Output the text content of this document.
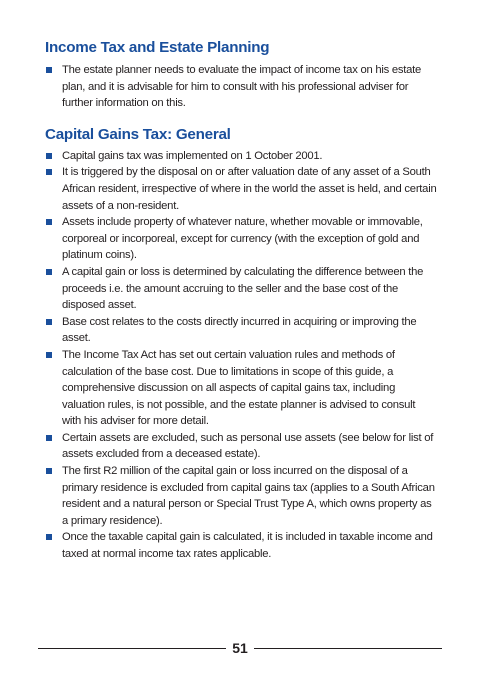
Income Tax and Estate Planning
The estate planner needs to evaluate the impact of income tax on his estate plan, and it is advisable for him to consult with his professional adviser for further information on this.
Capital Gains Tax: General
Capital gains tax was implemented on 1 October 2001.
It is triggered by the disposal on or after valuation date of any asset of a South African resident, irrespective of where in the world the asset is held, and certain assets of a non-resident.
Assets include property of whatever nature, whether movable or immovable, corporeal or incorporeal, except for currency (with the exception of gold and platinum coins).
A capital gain or loss is determined by calculating the difference between the proceeds i.e. the amount accruing to the seller and the base cost of the disposed asset.
Base cost relates to the costs directly incurred in acquiring or improving the asset.
The Income Tax Act has set out certain valuation rules and methods of calculation of the base cost. Due to limitations in scope of this guide, a comprehensive discussion on all aspects of capital gains tax, including valuation rules, is not possible, and the estate planner is advised to consult with his adviser for more detail.
Certain assets are excluded, such as personal use assets (see below for list of assets excluded from a deceased estate).
The first R2 million of the capital gain or loss incurred on the disposal of a primary residence is excluded from capital gains tax (applies to a South African resident and a natural person or Special Trust Type A, which owns property as a primary residence).
Once the taxable capital gain is calculated, it is included in taxable income and taxed at normal income tax rates applicable.
51
